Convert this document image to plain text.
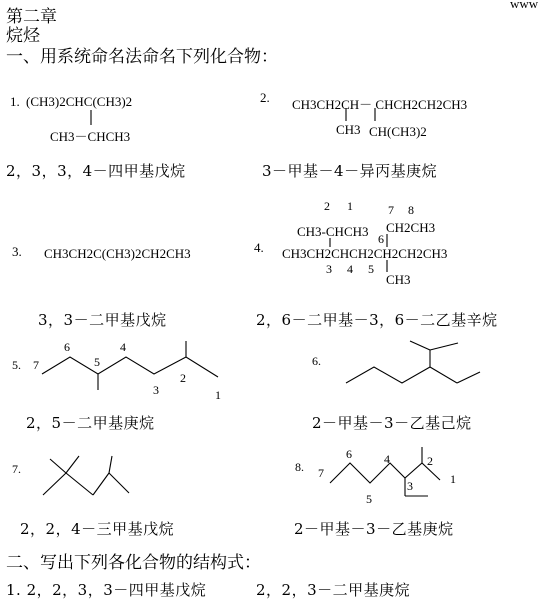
www
第二章
烷烃
一、用系统命名法命名下列化合物：
1. (CH3)2CHC(CH3)2
CH3－CHCH3
2，3，3，4－四甲基戊烷
2. CH3CH2CH－ CHCH2CH2CH3
CH3 CH(CH3)2
3－甲基－4－异丙基庚烷
3. CH3CH2C(CH3)2CH2CH3
3，3－二甲基戊烷
2 1	7 8
CH3-CHCH3 CH2CH3
6
4. CH3CH2CHCH2CH2CH2CH3
3 4 5
CH3
2，6－二甲基－3，6－二乙基辛烷
5. 7
6
5
4
3
2
1
2，5－二甲基庚烷
6.
2－甲基－3－乙基己烷
7.
2，2，4－三甲基戊烷
8. 7
6
5
4
3
2
1
2－甲基－3－乙基庚烷
二、写出下列各化合物的结构式：
1. 2，2，3，3－四甲基戊烷	2，2，3－二甲基庚烷
